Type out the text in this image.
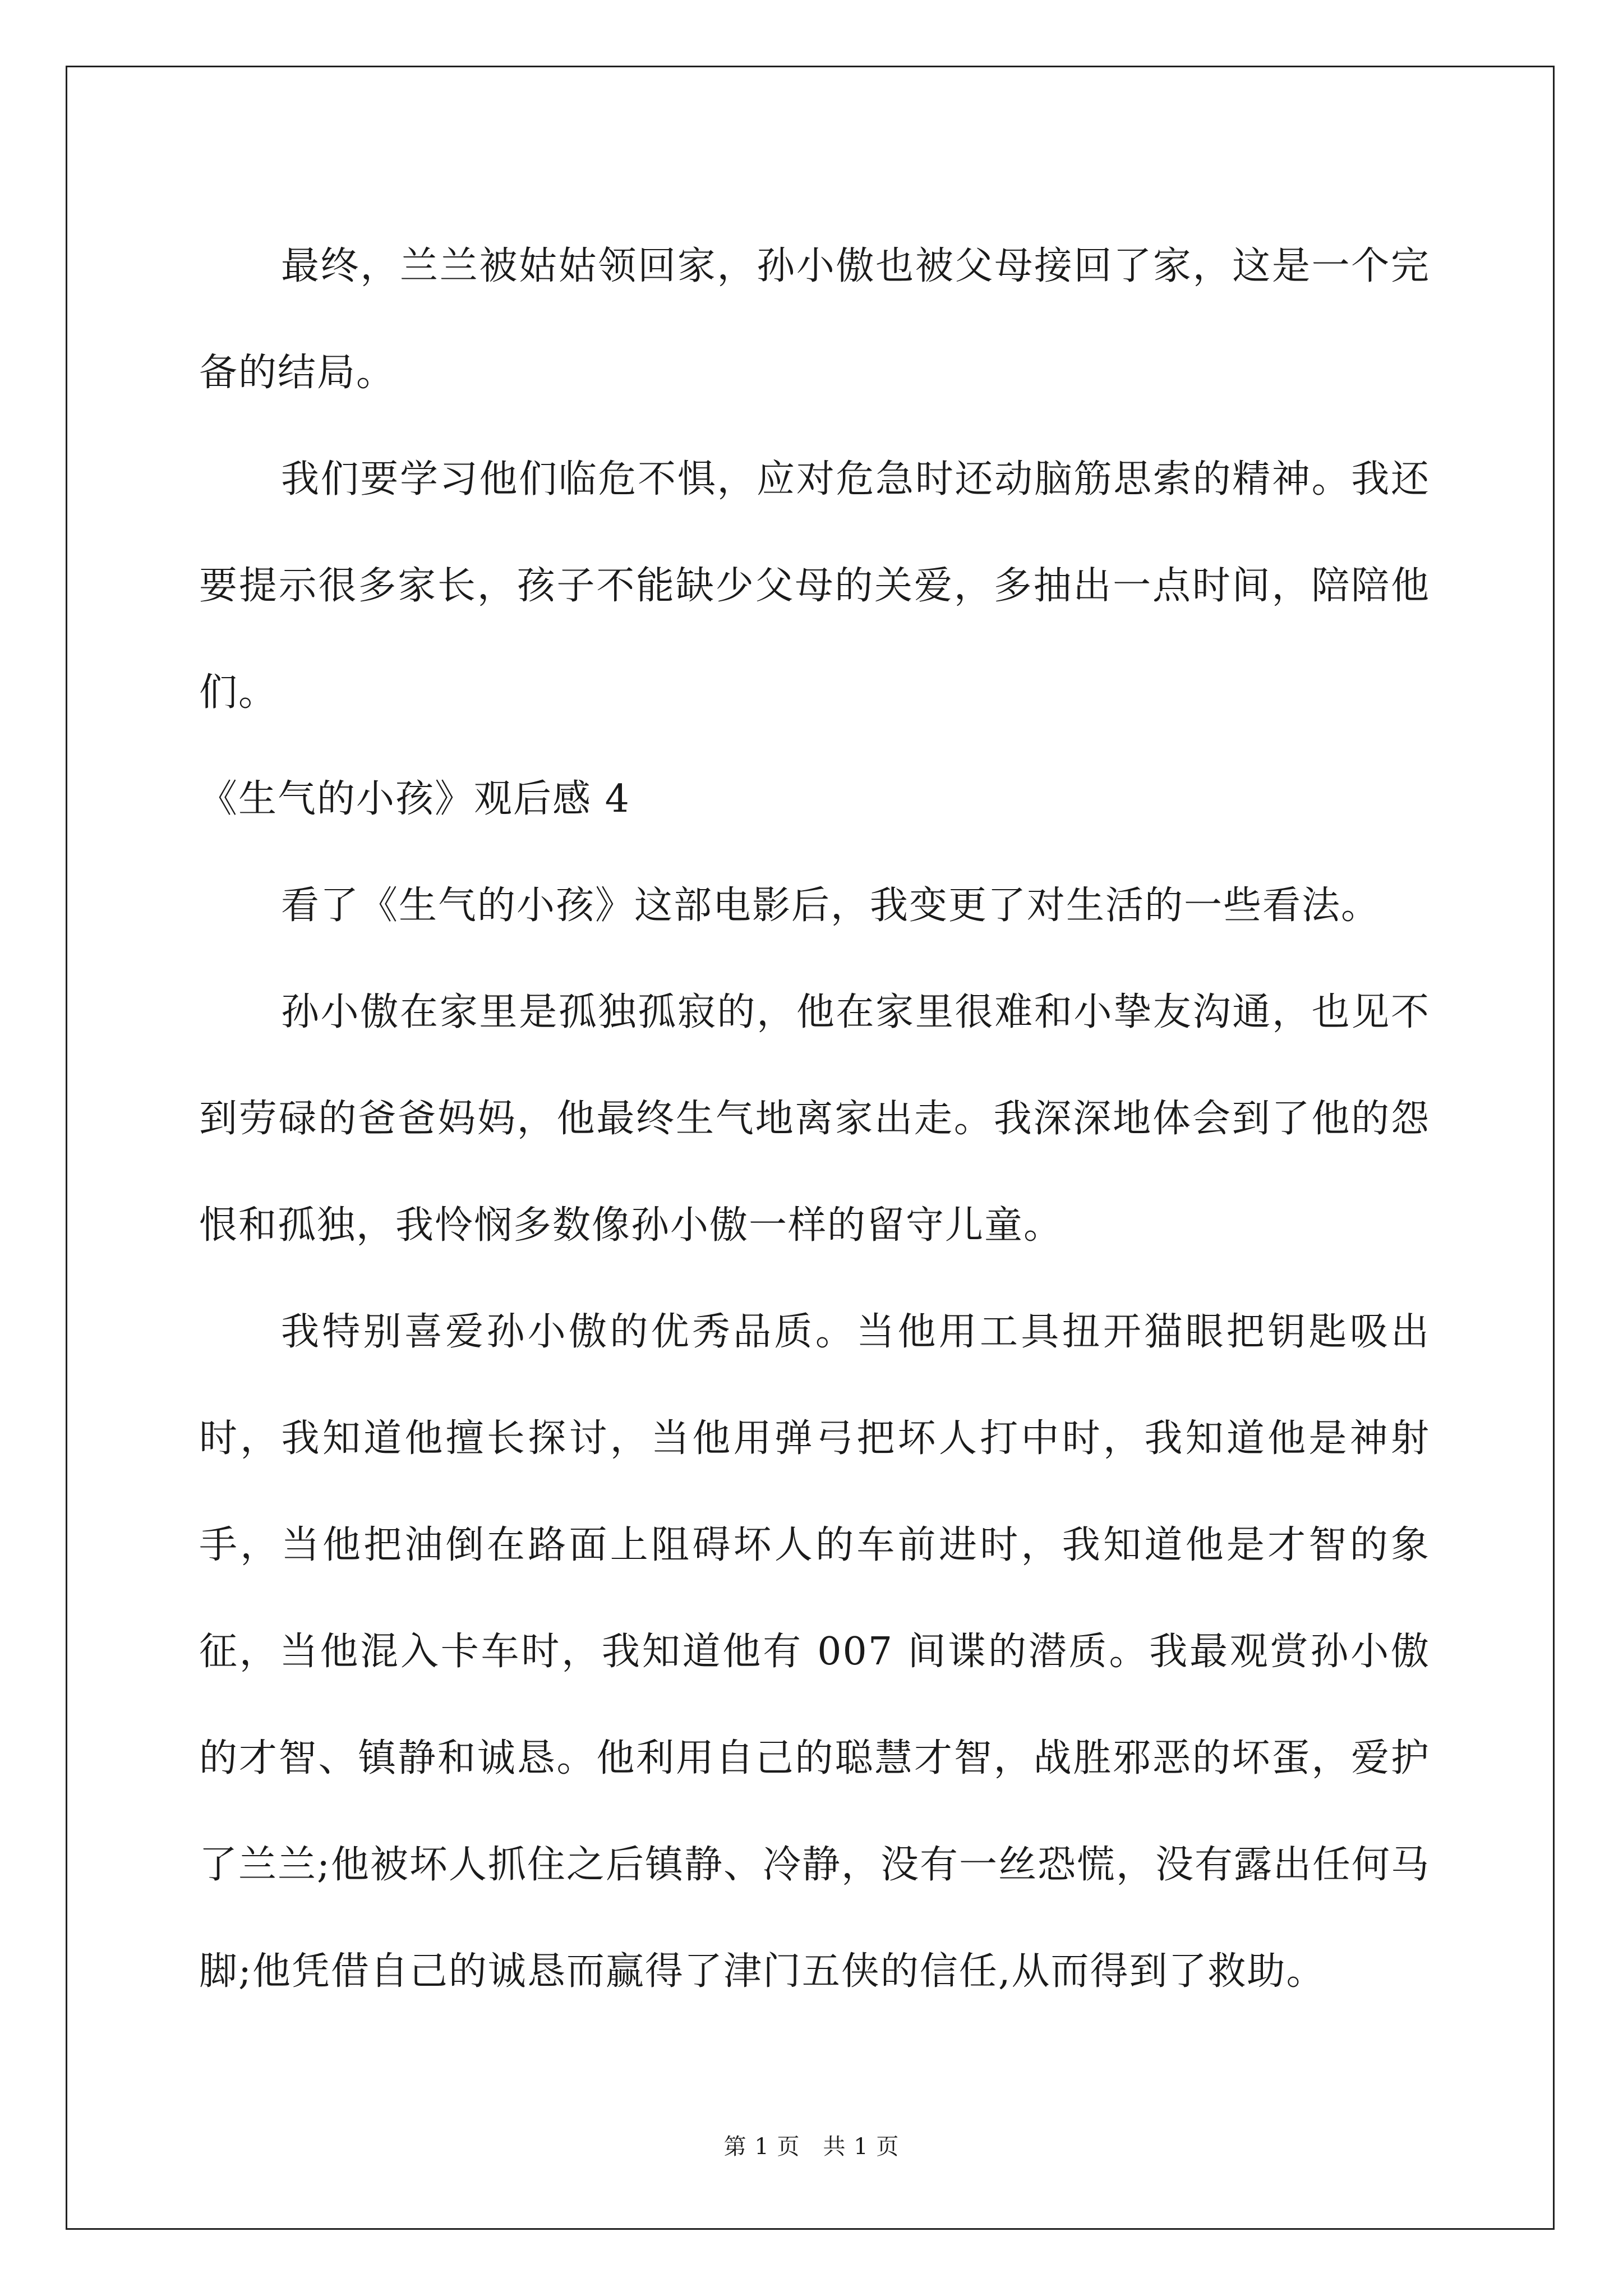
最终，兰兰被姑姑领回家，孙小傲也被父母接回了家，这是一个完备的结局。

我们要学习他们临危不惧，应对危急时还动脑筋思索的精神。我还要提示很多家长，孩子不能缺少父母的关爱，多抽出一点时间，陪陪他们。

《生气的小孩》观后感 4

看了《生气的小孩》这部电影后，我变更了对生活的一些看法。

孙小傲在家里是孤独孤寂的，他在家里很难和小挚友沟通，也见不到劳碌的爸爸妈妈，他最终生气地离家出走。我深深地体会到了他的怨恨和孤独，我怜悯多数像孙小傲一样的留守儿童。

我特别喜爱孙小傲的优秀品质。当他用工具扭开猫眼把钥匙吸出时，我知道他擅长探讨，当他用弹弓把坏人打中时，我知道他是神射手，当他把油倒在路面上阻碍坏人的车前进时，我知道他是才智的象征，当他混入卡车时，我知道他有 007 间谍的潜质。我最观赏孙小傲的才智、镇静和诚恳。他利用自己的聪慧才智，战胜邪恶的坏蛋，爱护了兰兰;他被坏人抓住之后镇静、冷静，没有一丝恐慌，没有露出任何马脚;他凭借自己的诚恳而赢得了津门五侠的信任,从而得到了救助。

第 1 页　共 1 页
